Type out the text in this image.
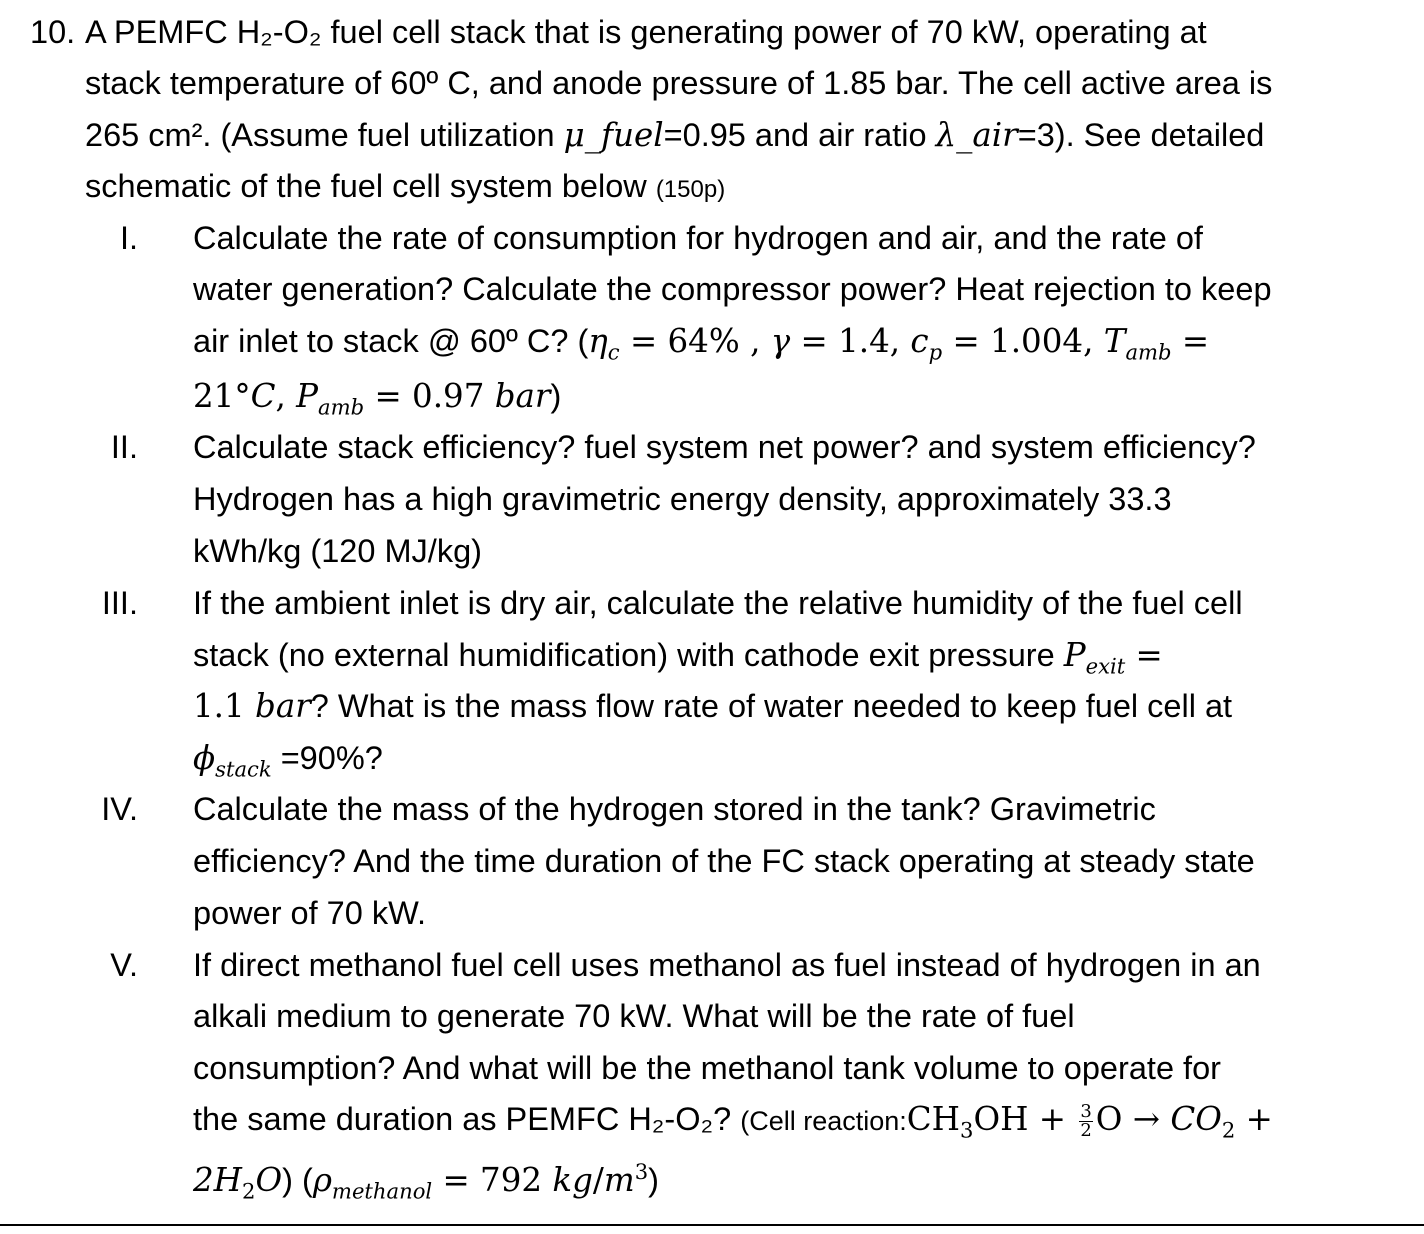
10. A PEMFC H₂-O₂ fuel cell stack that is generating power of 70 kW, operating at
stack temperature of 60º C, and anode pressure of 1.85 bar. The cell active area is
265 cm². (Assume fuel utilization μ_fuel=0.95 and air ratio λ_air=3). See detailed
schematic of the fuel cell system below (150p)
I. Calculate the rate of consumption for hydrogen and air, and the rate of
water generation? Calculate the compressor power? Heat rejection to keep
air inlet to stack @ 60º C? ($\eta_c = 64\%$ , γ = 1.4, $c_p = 1.004$, $T_{amb}$ =
21°C, $P_{amb} = 0.97$ bar)
II. Calculate stack efficiency? fuel system net power? and system efficiency?
Hydrogen has a high gravimetric energy density, approximately 33.3
kWh/kg (120 MJ/kg)
III. If the ambient inlet is dry air, calculate the relative humidity of the fuel cell
stack (no external humidification) with cathode exit pressure $P_{exit}$ =
1.1 bar? What is the mass flow rate of water needed to keep fuel cell at
$\phi_{stack} =90\%$?
IV. Calculate the mass of the hydrogen stored in the tank? Gravimetric
efficiency? And the time duration of the FC stack operating at steady state
power of 70 kW.
V. If direct methanol fuel cell uses methanol as fuel instead of hydrogen in an
alkali medium to generate 70 kW. What will be the rate of fuel
consumption? And what will be the methanol tank volume to operate for
the same duration as PEMFC H₂-O₂? (Cell $reaction:CH_3OH + \frac{3}{2}$ $O \to CO_2$ +
$2H_2O$) ($\rho_{methanol} = 792$ $kg/m^3$)
